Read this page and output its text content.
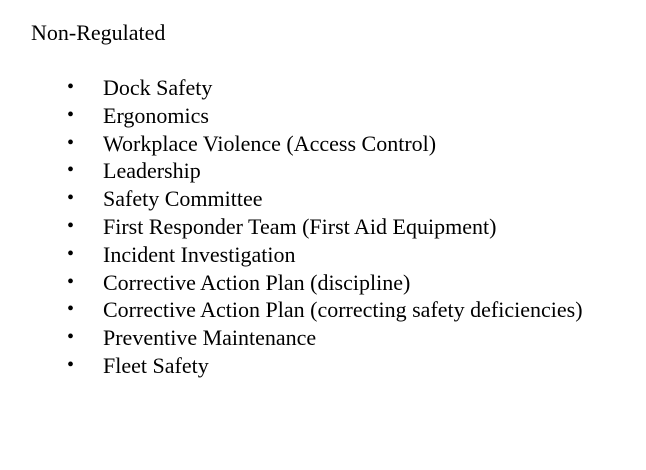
Non-Regulated
• Dock Safety
• Ergonomics
• Workplace Violence (Access Control)
• Leadership
• Safety Committee
• First Responder Team (First Aid Equipment)
• Incident Investigation
• Corrective Action Plan (discipline)
• Corrective Action Plan (correcting safety deficiencies)
• Preventive Maintenance
• Fleet Safety
